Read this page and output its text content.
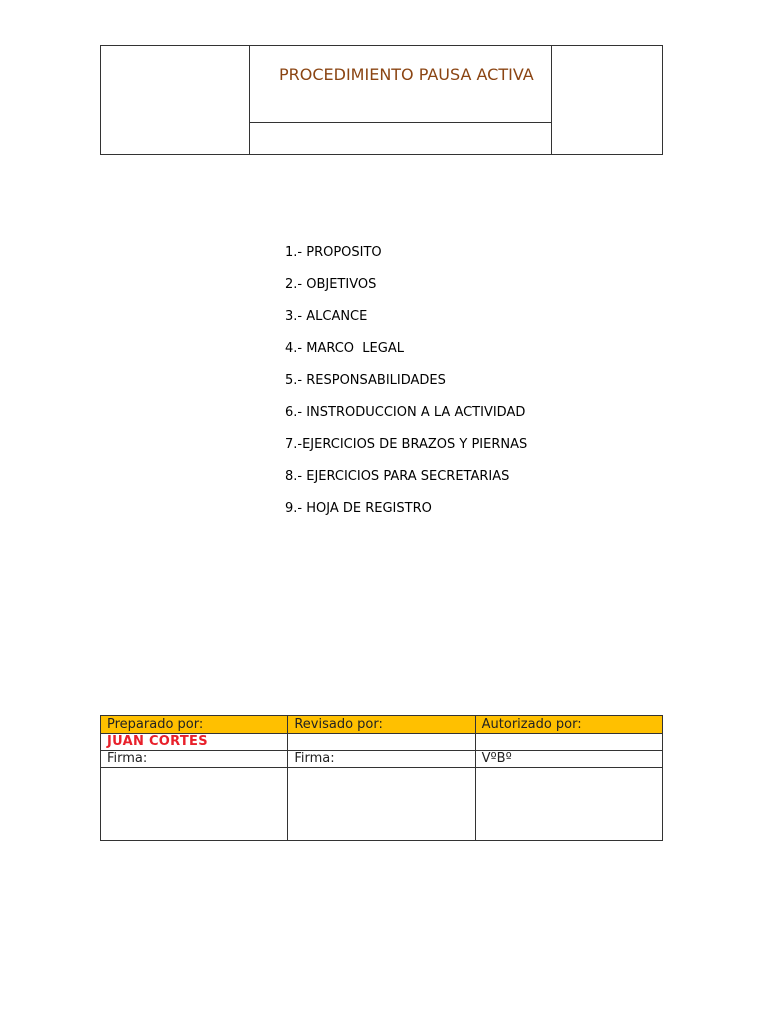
PROCEDIMIENTO PAUSA ACTIVA

1.- PROPOSITO
2.- OBJETIVOS
3.- ALCANCE
4.- MARCO  LEGAL
5.- RESPONSABILIDADES
6.- INSTRODUCCION A LA ACTIVIDAD
7.-EJERCICIOS DE BRAZOS Y PIERNAS
8.- EJERCICIOS PARA SECRETARIAS
9.- HOJA DE REGISTRO
Preparado por:	Revisado por:	Autorizado por:
JUAN CORTES		
Firma:	Firma:	VºBº
